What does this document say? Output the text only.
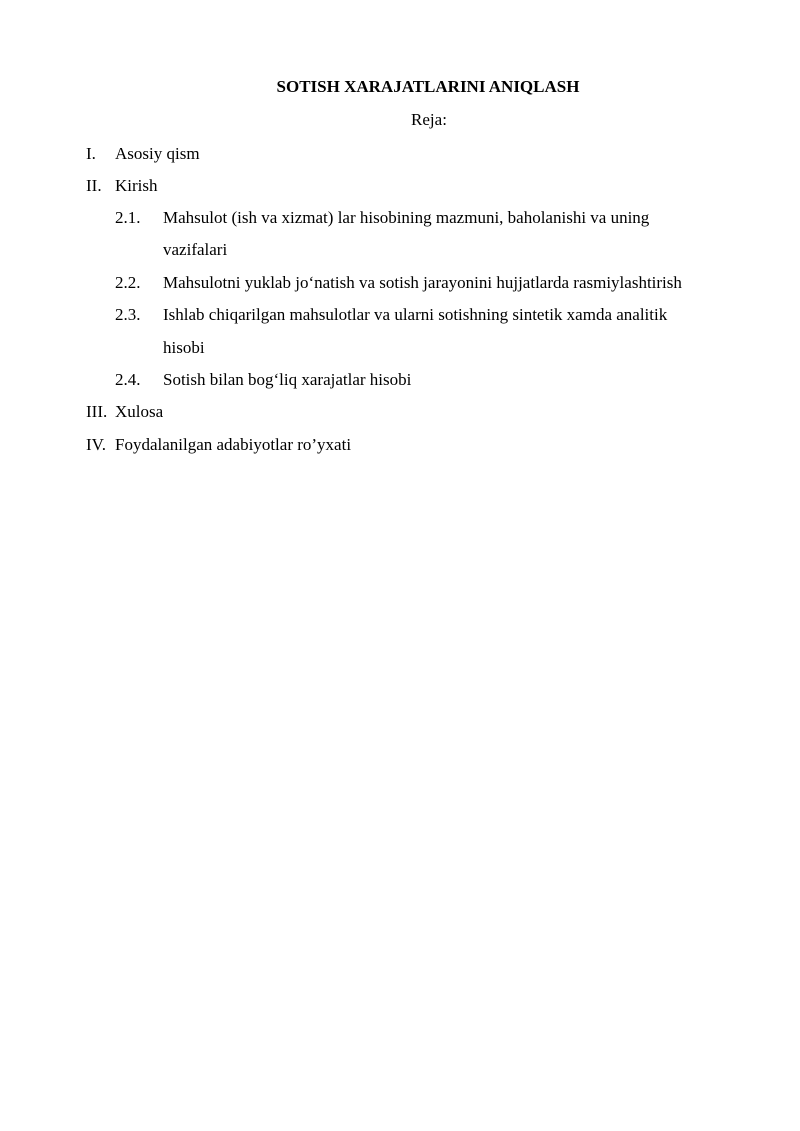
SOTISH XARAJATLARINI ANIQLASH

Reja:

I. Asosiy qism
II. Kirish
2.1. Mahsulot (ish va xizmat) lar hisobining mazmuni, baholanishi va uning
vazifalari
2.2. Mahsulotni yuklab jo‘natish va sotish jarayonini hujjatlarda rasmiylashtirish
2.3. Ishlab chiqarilgan mahsulotlar va ularni sotishning sintetik xamda analitik
hisobi
2.4. Sotish bilan bog‘liq xarajatlar hisobi
III. Xulosa
IV. Foydalanilgan adabiyotlar ro’yxati
